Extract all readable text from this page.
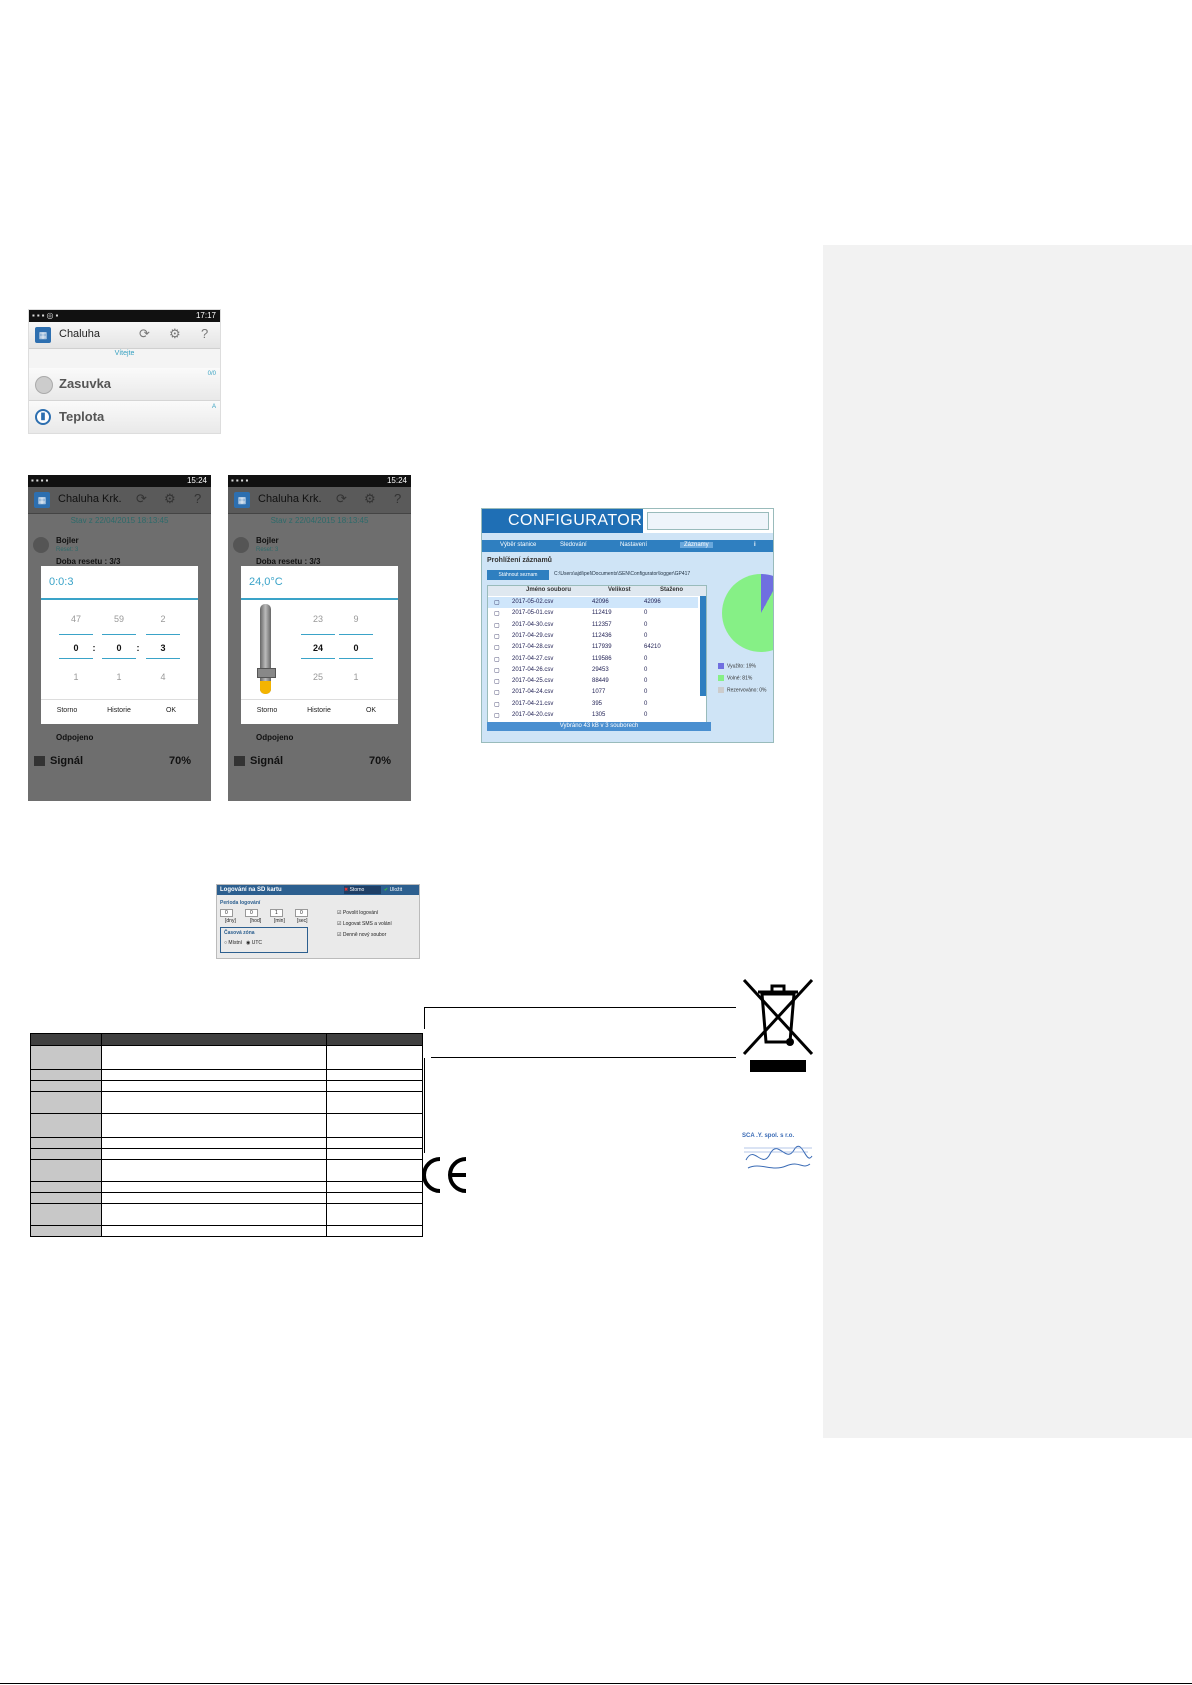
▪▪▪◎▪	17:17
▦	Chaluha	⟳ ⚙ ?
Vítejte
Zasuvka
0/0
▮	Teplota
A
▪▪▪▪	15:24
▦	Chaluha Krk. ⟳ ⚙ ?
Stav z 22/04/2015 18:13:45
Bojler
Reset: 3
Doba resetu : 3/3
0:0:3
47	59	2
0	:	0	:	3
1	1	4
Storno	Historie	OK
Odpojeno
Signál	70%
▪▪▪▪	15:24
▦	Chaluha Krk. ⟳ ⚙ ?
Stav z 22/04/2015 18:13:45
Bojler
Reset: 3
Doba resetu : 3/3
24,0°C
23	9
24	0
25	1
Storno	Historie	OK
Odpojeno
Signál	70%
CONFIGURATOR
Výběr stanice	Sledování	Nastavení	Záznamy	i
Prohlížení záznamů
Stáhnout seznam	C:\Users\ajdi\pel\Documents\SEN\Configurator\logger\GP417
Jméno souboru	Velikost	Staženo
▢ 2017-05-02.csv	42096	42096
▢ 2017-05-01.csv	112419	0
▢ 2017-04-30.csv	112357	0
▢ 2017-04-29.csv	112436	0
▢ 2017-04-28.csv	117939	64210
▢ 2017-04-27.csv	119586	0
▢ 2017-04-26.csv	29453	0
▢ 2017-04-25.csv	88449	0
▢ 2017-04-24.csv	1077	0
▢ 2017-04-21.csv	395	0
▢ 2017-04-20.csv	1305	0
Vybráno 43 kB v 3 souborech
Využito: 19%
Volné: 81%
Rezervováno: 0%
Logování na SD kartu	✖ Storno	✔ Uložit
Perioda logování
0	0	1	0
[dny]	[hod]	[min] [sec]
Časová zóna
○ Místní ◉ UTC
☑ Povolit logování
☑ Logovat SMS a volání
☑ Denně nový soubor

SCA .Y. spol. s r.o.
